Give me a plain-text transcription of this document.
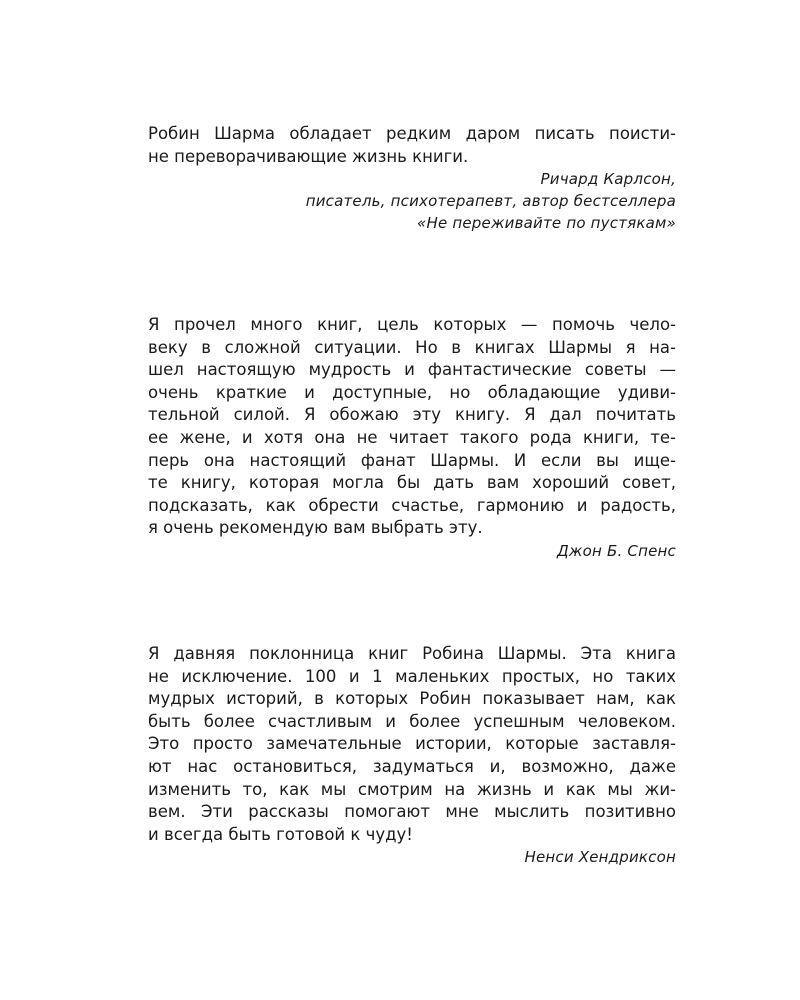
Робин Шарма обладает редким даром писать поисти-
не переворачивающие жизнь книги.
Ричард Карлсон,
писатель, психотерапевт, автор бестселлера
«Не переживайте по пустякам»
Я прочел много книг, цель которых — помочь чело-
веку в сложной ситуации. Но в книгах Шармы я на-
шел настоящую мудрость и фантастические советы —
очень краткие и доступные, но обладающие удиви-
тельной силой. Я обожаю эту книгу. Я дал почитать
ее жене, и хотя она не читает такого рода книги, те-
перь она настоящий фанат Шармы. И если вы ище-
те книгу, которая могла бы дать вам хороший совет,
подсказать, как обрести счастье, гармонию и радость,
я очень рекомендую вам выбрать эту.
Джон Б. Спенс
Я давняя поклонница книг Робина Шармы. Эта книга
не исключение. 100 и 1 маленьких простых, но таких
мудрых историй, в которых Робин показывает нам, как
быть более счастливым и более успешным человеком.
Это просто замечательные истории, которые заставля-
ют нас остановиться, задуматься и, возможно, даже
изменить то, как мы смотрим на жизнь и как мы жи-
вем. Эти рассказы помогают мне мыслить позитивно
и всегда быть готовой к чуду!
Ненси Хендриксон
